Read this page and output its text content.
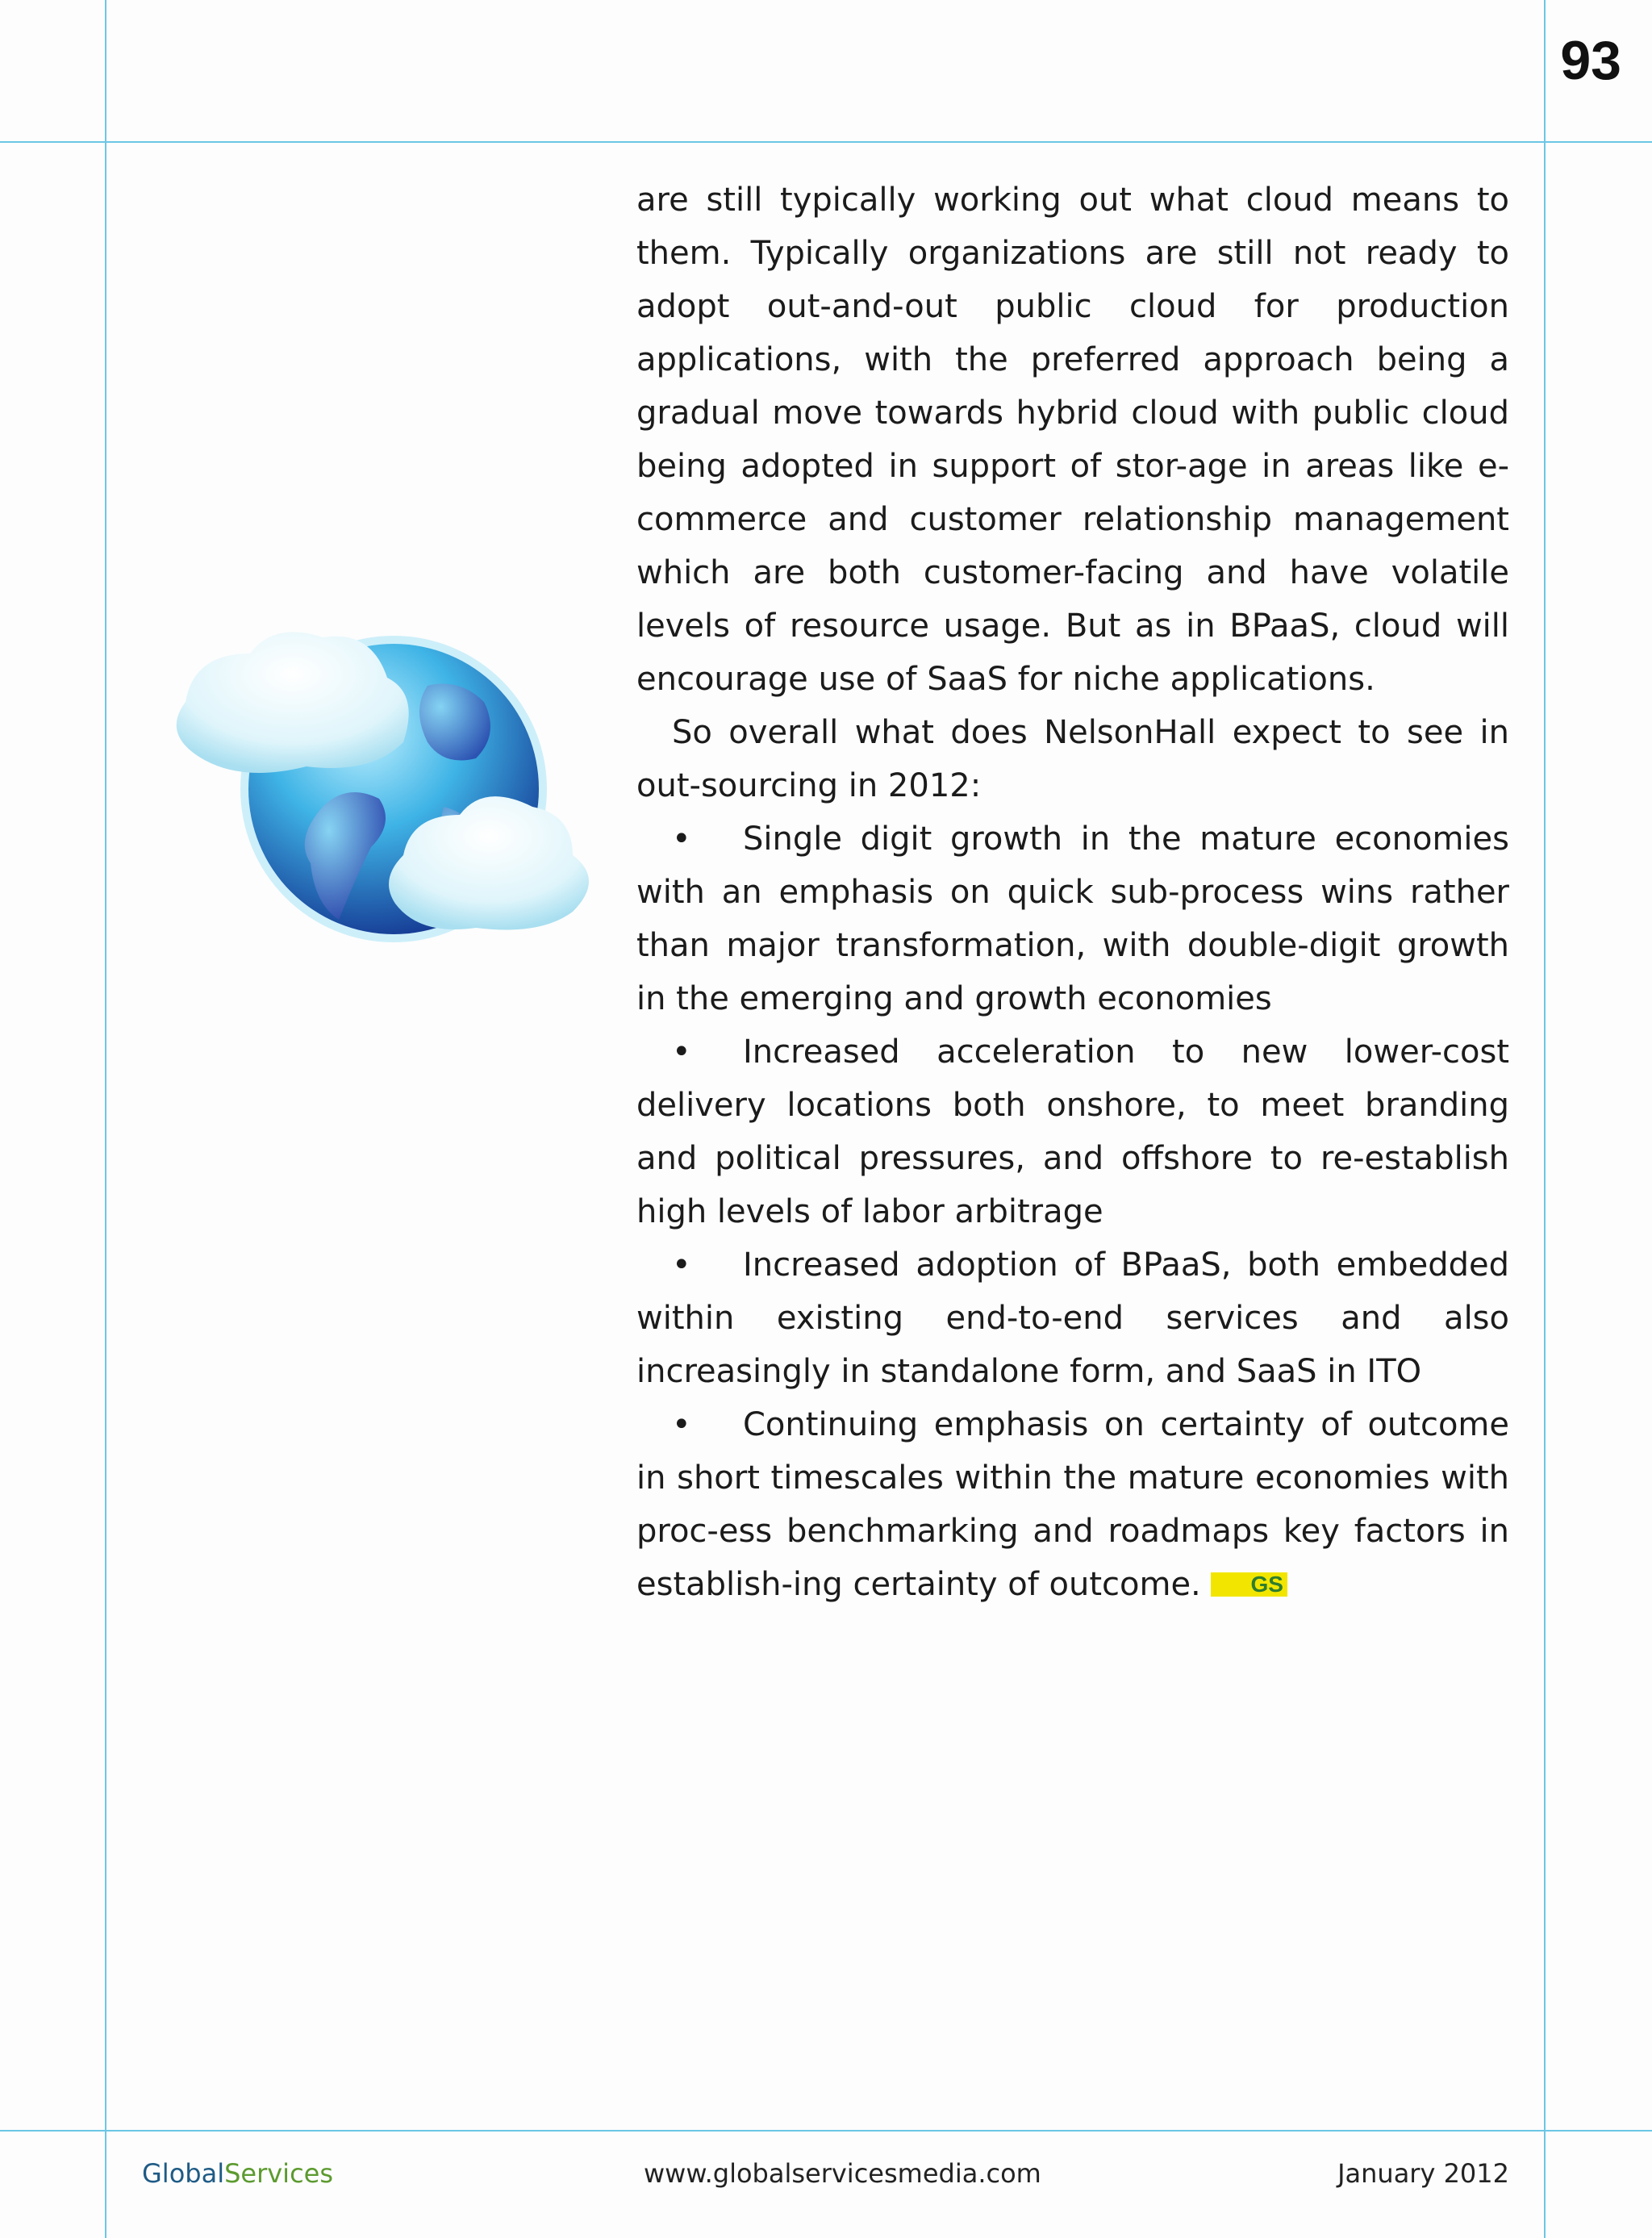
93

are still typically working out what cloud means to them. Typically organizations are still not ready to adopt out-and-out public cloud for production applications, with the preferred approach being a gradual move towards hybrid cloud with public cloud being adopted in support of stor-age in areas like e-commerce and customer relationship management which are both customer-facing and have volatile levels of resource usage. But as in BPaaS, cloud will encourage use of SaaS for niche applications.

So overall what does NelsonHall expect to see in out-sourcing in 2012:

• Single digit growth in the mature economies with an emphasis on quick sub-process wins rather than major transformation, with double-digit growth in the emerging and growth economies

• Increased acceleration to new lower-cost delivery locations both onshore, to meet branding and political pressures, and offshore to re-establish high levels of labor arbitrage

• Increased adoption of BPaaS, both embedded within existing end-to-end services and also increasingly in standalone form, and SaaS in ITO

• Continuing emphasis on certainty of outcome in short timescales within the mature economies with proc-ess benchmarking and roadmaps key factors in establish-ing certainty of outcome. GS

GlobalServices	www.globalservicesmedia.com	January 2012
